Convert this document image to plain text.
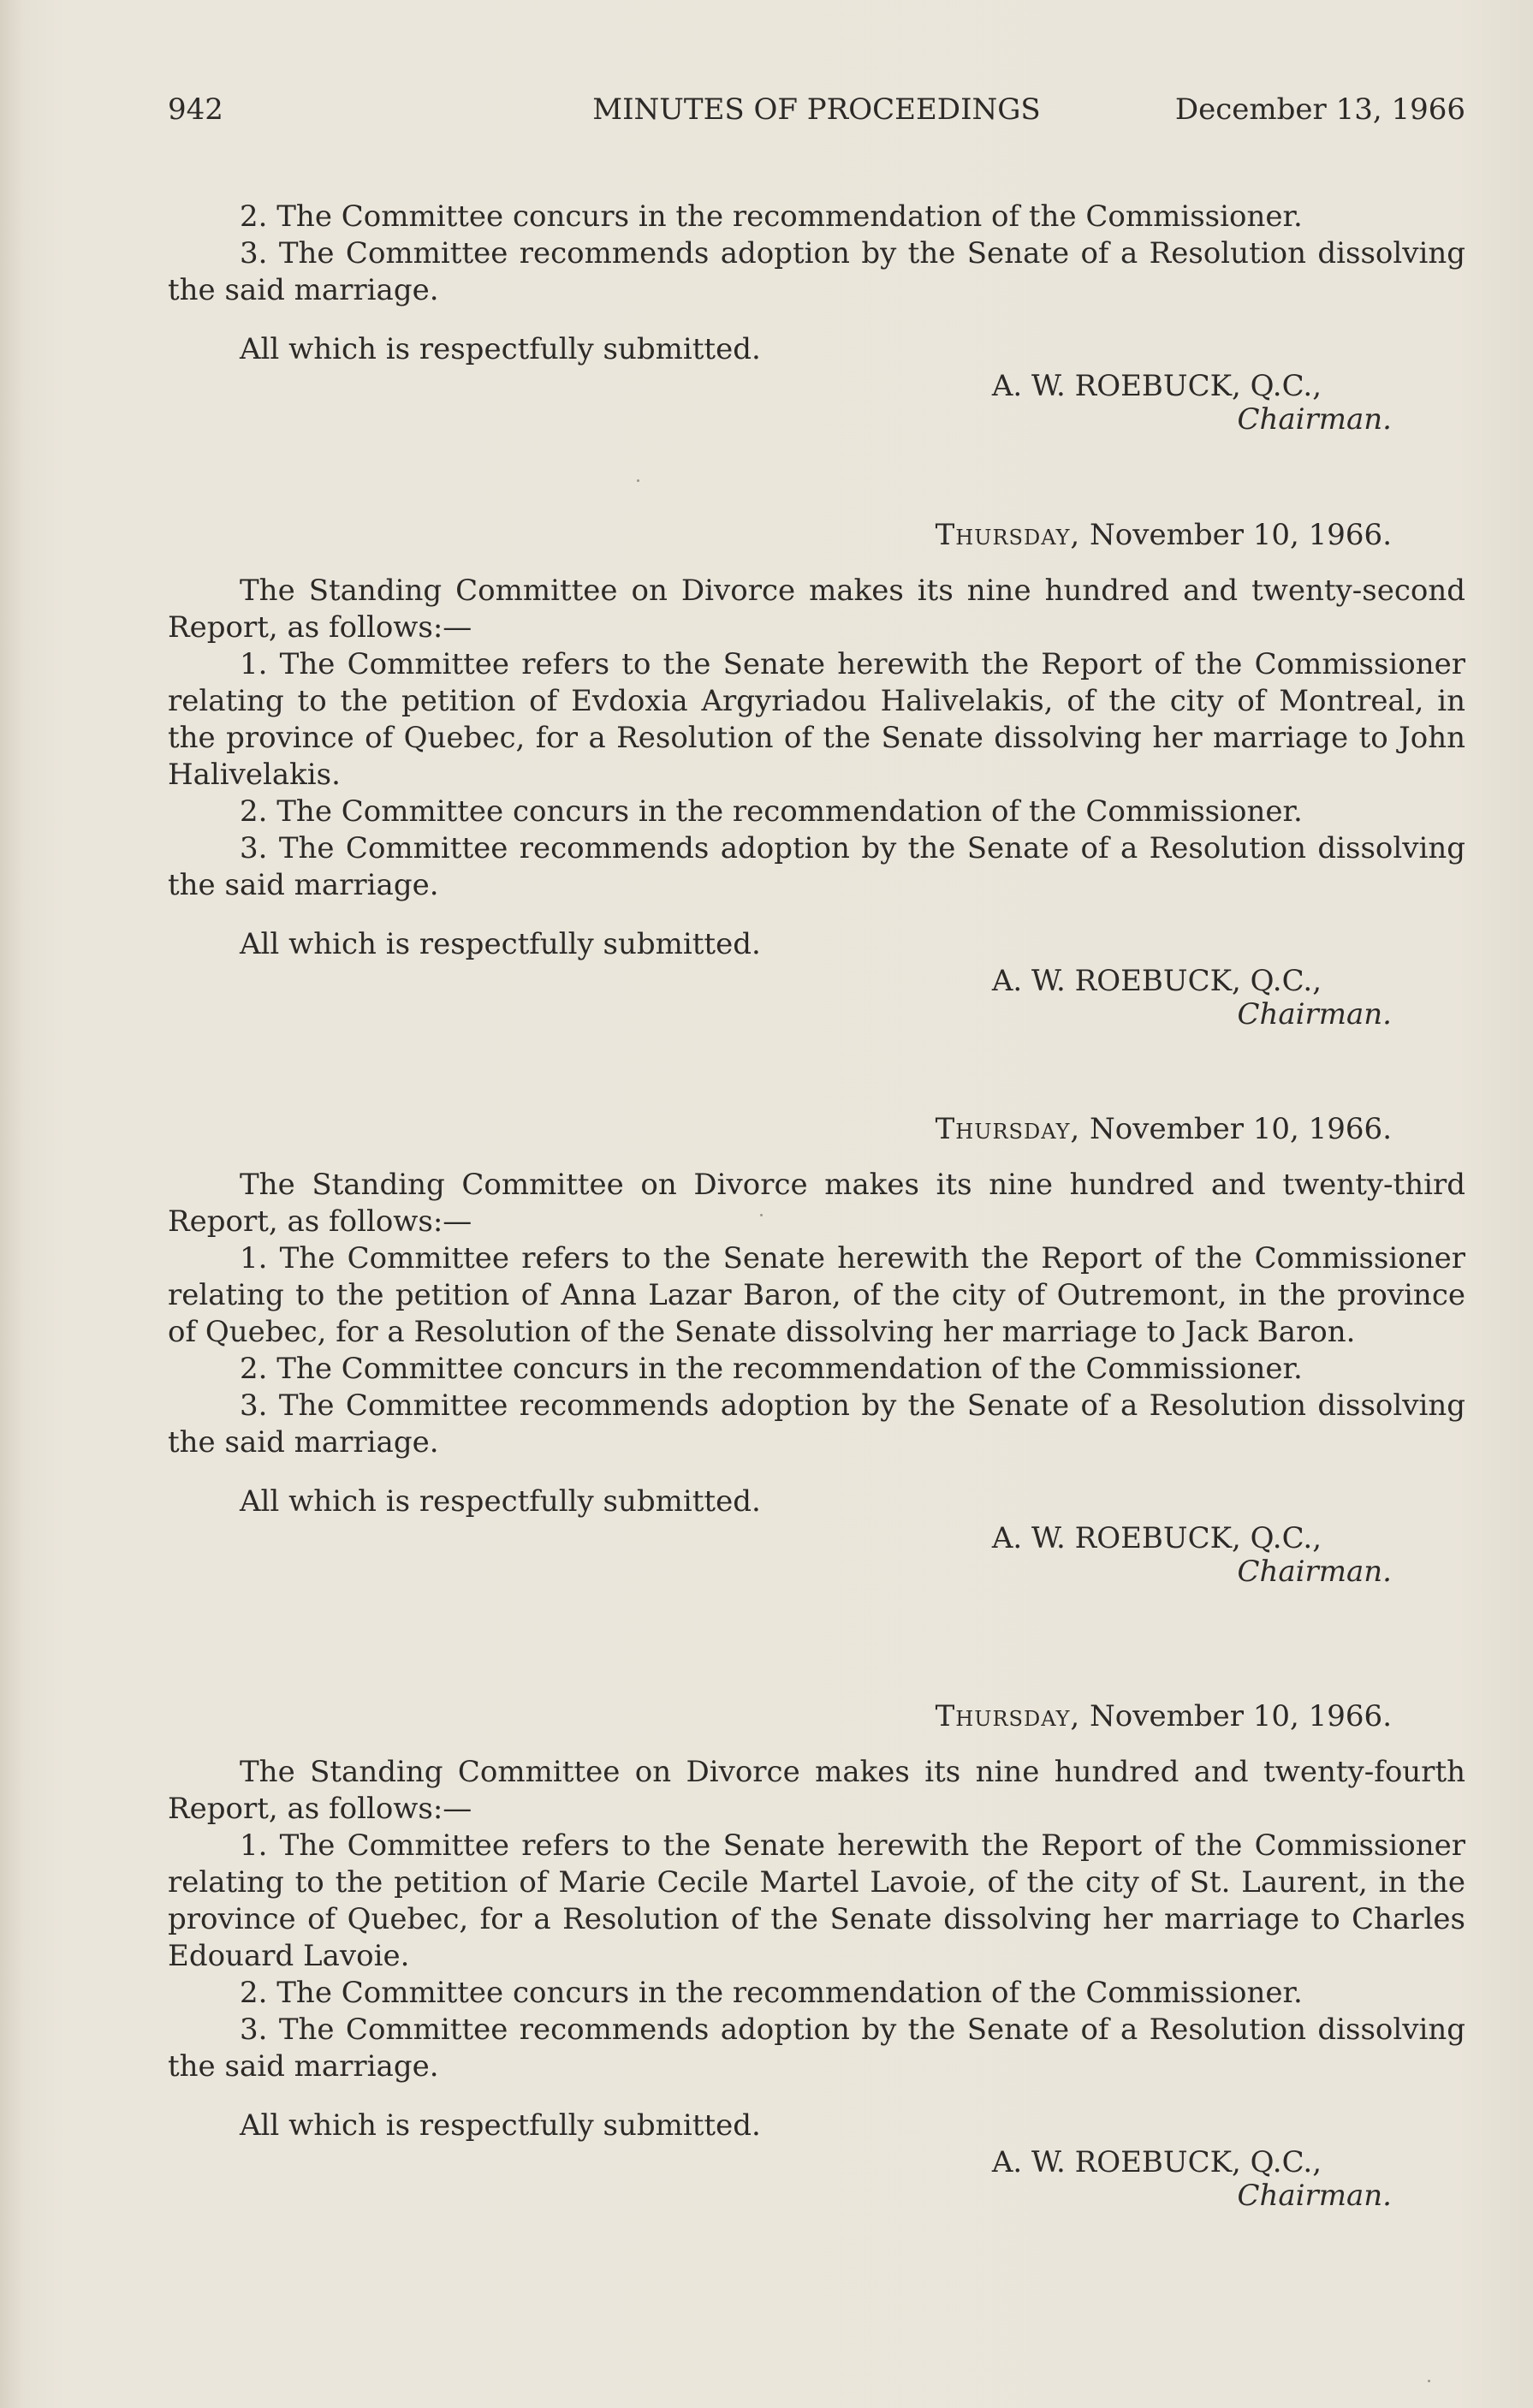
942	MINUTES OF PROCEEDINGS	December 13, 1966

2. The Committee concurs in the recommendation of the Commissioner.

3. The Committee recommends adoption by the Senate of a Resolution dissolving the said marriage.

All which is respectfully submitted.

A. W. ROEBUCK, Q.C.,

Chairman.

Thursday, November 10, 1966.

The Standing Committee on Divorce makes its nine hundred and twenty-second Report, as follows:—

1. The Committee refers to the Senate herewith the Report of the Commissioner relating to the petition of Evdoxia Argyriadou Halivelakis, of the city of Montreal, in the province of Quebec, for a Resolution of the Senate dissolving her marriage to John Halivelakis.

2. The Committee concurs in the recommendation of the Commissioner.

3. The Committee recommends adoption by the Senate of a Resolution dissolving the said marriage.

All which is respectfully submitted.

A. W. ROEBUCK, Q.C.,

Chairman.

Thursday, November 10, 1966.

The Standing Committee on Divorce makes its nine hundred and twenty-third Report, as follows:—

1. The Committee refers to the Senate herewith the Report of the Commissioner relating to the petition of Anna Lazar Baron, of the city of Outremont, in the province of Quebec, for a Resolution of the Senate dissolving her marriage to Jack Baron.

2. The Committee concurs in the recommendation of the Commissioner.

3. The Committee recommends adoption by the Senate of a Resolution dissolving the said marriage.

All which is respectfully submitted.

A. W. ROEBUCK, Q.C.,

Chairman.

Thursday, November 10, 1966.

The Standing Committee on Divorce makes its nine hundred and twenty-fourth Report, as follows:—

1. The Committee refers to the Senate herewith the Report of the Commissioner relating to the petition of Marie Cecile Martel Lavoie, of the city of St. Laurent, in the province of Quebec, for a Resolution of the Senate dissolving her marriage to Charles Edouard Lavoie.

2. The Committee concurs in the recommendation of the Commissioner.

3. The Committee recommends adoption by the Senate of a Resolution dissolving the said marriage.

All which is respectfully submitted.

A. W. ROEBUCK, Q.C.,

Chairman.
